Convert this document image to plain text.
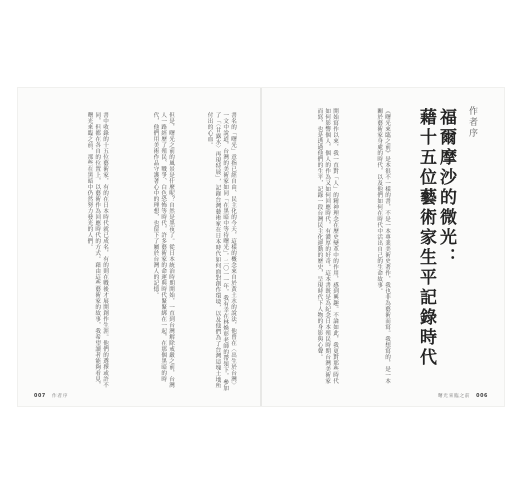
作者序
福爾摩沙的微光：
藉十五位藝術家生平記錄時代
《曙光來臨之前》是本很不一樣的書，不是一本專業美術史著作，我也非為藝術而寫。我想寫的，是一本關於藝術家身處的時代，以及他們如何在時代中活出自己的生命故事。
開始寫作以來，我一直對「人」的精神理念在歷史變革中的作用，感到興趣。不論如此，我更對那些時代如何影響個人，個人的作為又如何回應時代，有濃厚的好奇。這本書既是為紀念日本殖民時期台灣美術家而寫，也是透過他們的生平，記錄一段台灣民主化運動的歷史，呈現時代下人物的身影與心聲。
書名的「曙光」意指已經自由、民主化的今天，這樣的概念來自於黃土水的說法，他曾在〈出生於台灣〉一文中說道，台灣的美術家如同「在黑暗中等待曙光」，二〇一一年，我有幸在林煥彰老師的帶領下，參加了「〈甘露水〉再現特展」，記錄台灣藝術家在日本時代如何面對創作環境，以及他們為了台灣這塊土地所付出的心血。
但是，曙光之前的風景是什麼呢？自然是黑夜了。從日本統治時期開始，一直到台灣解除戒嚴之前，台灣人一路經歷了殖民、戰爭、白色恐怖等時代，許多藝術家的命運與時代緊緊綁在一起，在那個黑暗的時代，他們用美術作品守護著心中的理想，也留下了屬於台灣人的記憶。
書中收錄的十五位藝術家，有的在日本時代就已成名，有的則在戰後才展開創作生涯。他們的選擇或許不同，但都在各自的位置上，以藝術作為回應時代的方式。藉由這些藝術家的故事，我希望讀者能夠看見，曙光來臨之前，那些在黑暗中仍然努力發光的人們。
007 作者序	曙光來臨之前 006
